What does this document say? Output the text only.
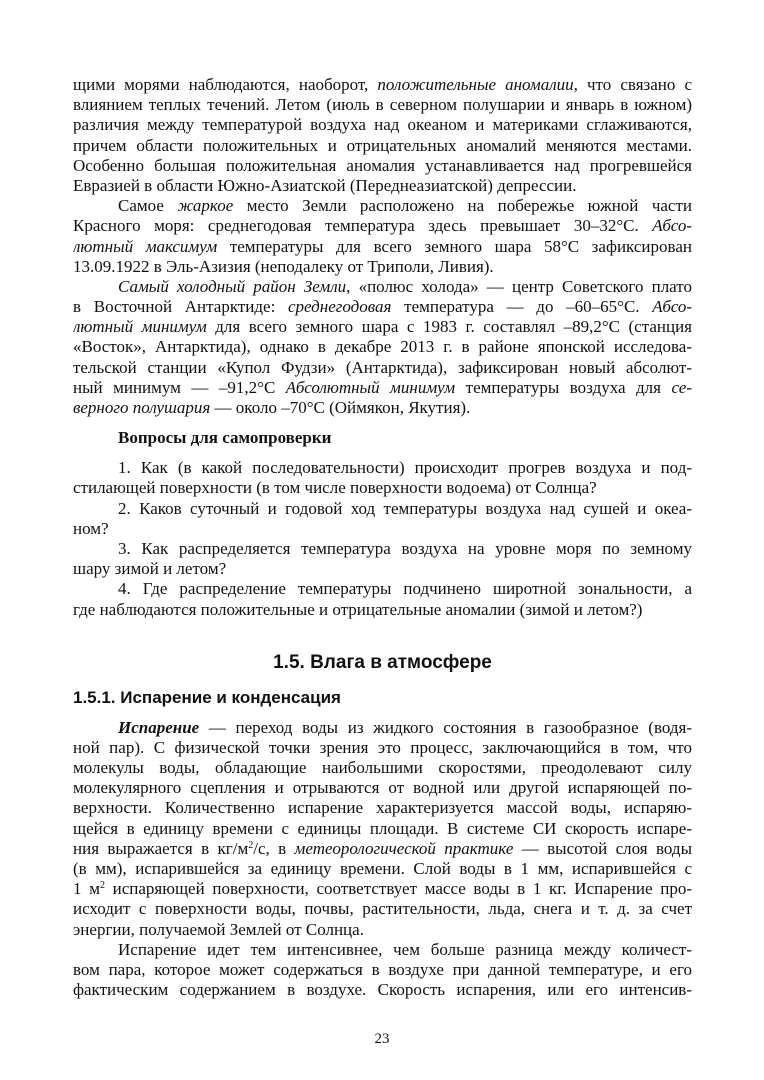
щими морями наблюдаются, наоборот, положительные аномалии, что связано с
влиянием теплых течений. Летом (июль в северном полушарии и январь в южном)
различия между температурой воздуха над океаном и материками сглаживаются,
причем области положительных и отрицательных аномалий меняются местами.
Особенно большая положительная аномалия устанавливается над прогревшейся
Евразией в области Южно-Азиатской (Переднеазиатской) депрессии.
Самое жаркое место Земли расположено на побережье южной части
Красного моря: среднегодовая температура здесь превышает 30–32°С. Абсо-
лютный максимум температуры для всего земного шара 58°С зафиксирован
13.09.1922 в Эль-Азизия (неподалеку от Триполи, Ливия).
Самый холодный район Земли, «полюс холода» — центр Советского плато
в Восточной Антарктиде: среднегодовая температура — до –60–65°С. Абсо-
лютный минимум для всего земного шара с 1983 г. составлял –89,2°С (станция
«Восток», Антарктида), однако в декабре 2013 г. в районе японской исследова-
тельской станции «Купол Фудзи» (Антарктида), зафиксирован новый абсолют-
ный минимум — –91,2°С Абсолютный минимум температуры воздуха для се-
верного полушария — около –70°С (Оймякон, Якутия).
Вопросы для самопроверки
1. Как (в какой последовательности) происходит прогрев воздуха и под-
стилающей поверхности (в том числе поверхности водоема) от Солнца?
2. Каков суточный и годовой ход температуры воздуха над сушей и океа-
ном?
3. Как распределяется температура воздуха на уровне моря по земному
шару зимой и летом?
4. Где распределение температуры подчинено широтной зональности, а
где наблюдаются положительные и отрицательные аномалии (зимой и летом?)
1.5. Влага в атмосфере
1.5.1. Испарение и конденсация
Испарение — переход воды из жидкого состояния в газообразное (водя-
ной пар). С физической точки зрения это процесс, заключающийся в том, что
молекулы воды, обладающие наибольшими скоростями, преодолевают силу
молекулярного сцепления и отрываются от водной или другой испаряющей по-
верхности. Количественно испарение характеризуется массой воды, испаряю-
щейся в единицу времени с единицы площади. В системе СИ скорость испаре-
ния выражается в $кг/м^2/с$, в метеорологической практике — высотой слоя воды
(в мм), испарившейся за единицу времени. Слой воды в 1 мм, испарившейся с
1 $м^2$ испаряющей поверхности, соответствует массе воды в 1 кг. Испарение про-
исходит с поверхности воды, почвы, растительности, льда, снега и т. д. за счет
энергии, получаемой Землей от Солнца.
Испарение идет тем интенсивнее, чем больше разница между количест-
вом пара, которое может содержаться в воздухе при данной температуре, и его
фактическим содержанием в воздухе. Скорость испарения, или его интенсив-
23
